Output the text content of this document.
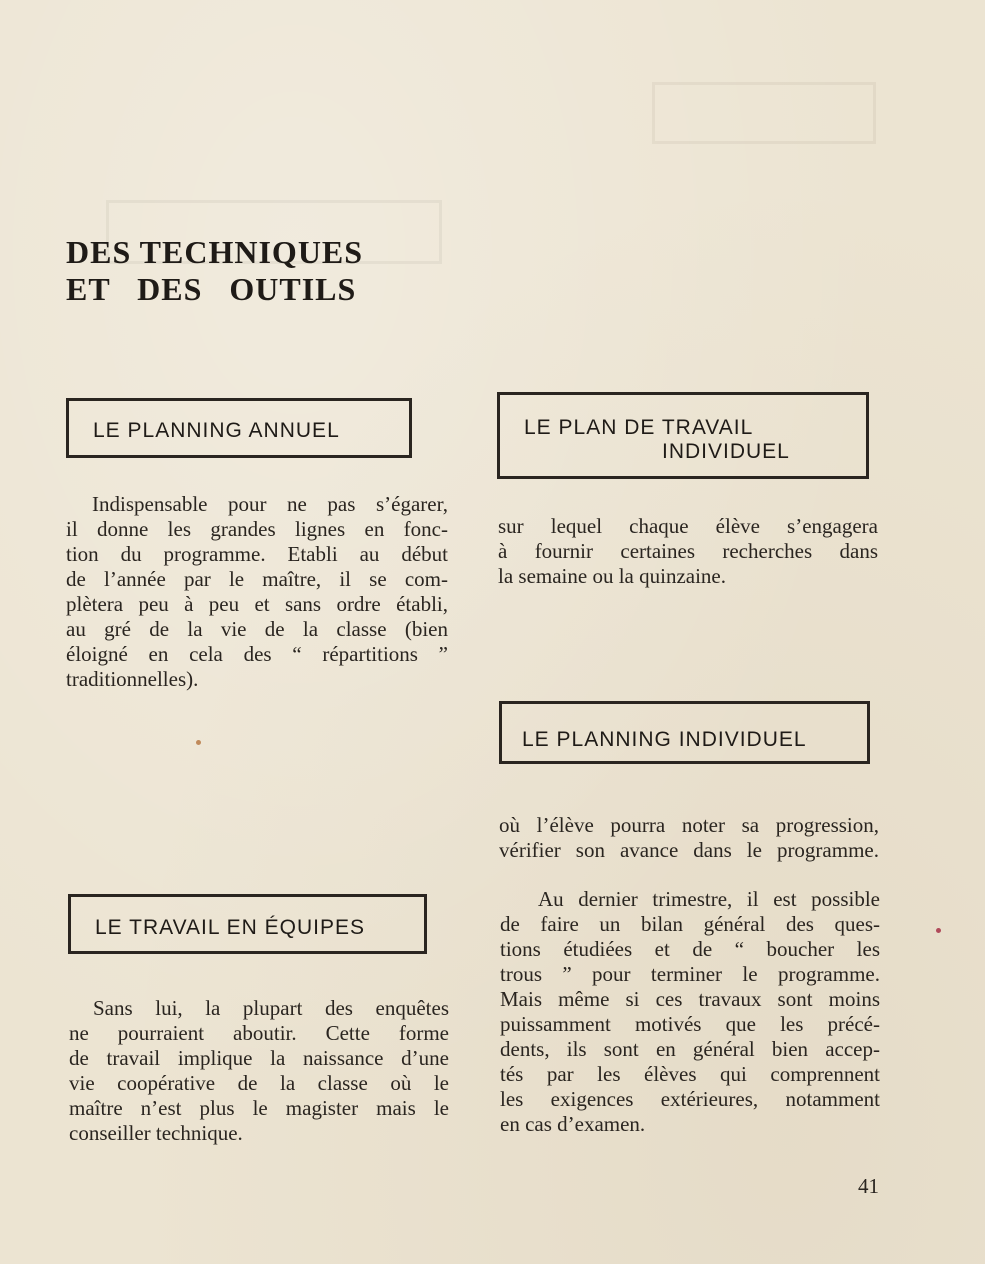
DES TECHNIQUES
ET DES OUTILS
LE PLANNING ANNUEL

Indispensable pour ne pas s’égarer,
il donne les grandes lignes en fonc-
tion du programme. Etabli au début
de l’année par le maître, il se com-
plètera peu à peu et sans ordre établi,
au gré de la vie de la classe (bien
éloigné en cela des “ répartitions ”
traditionnelles).

LE PLAN DE TRAVAIL
INDIVIDUEL

sur lequel chaque élève s’engagera
à fournir certaines recherches dans
la semaine ou la quinzaine.

LE PLANNING INDIVIDUEL

où l’élève pourra noter sa progression,
vérifier son avance dans le programme.

Au dernier trimestre, il est possible
de faire un bilan général des ques-
tions étudiées et de “ boucher les
trous ” pour terminer le programme.
Mais même si ces travaux sont moins
puissamment motivés que les précé-
dents, ils sont en général bien accep-
tés par les élèves qui comprennent
les exigences extérieures, notamment
en cas d’examen.

LE TRAVAIL EN ÉQUIPES

Sans lui, la plupart des enquêtes
ne pourraient aboutir. Cette forme
de travail implique la naissance d’une
vie coopérative de la classe où le
maître n’est plus le magister mais le
conseiller technique.

41
